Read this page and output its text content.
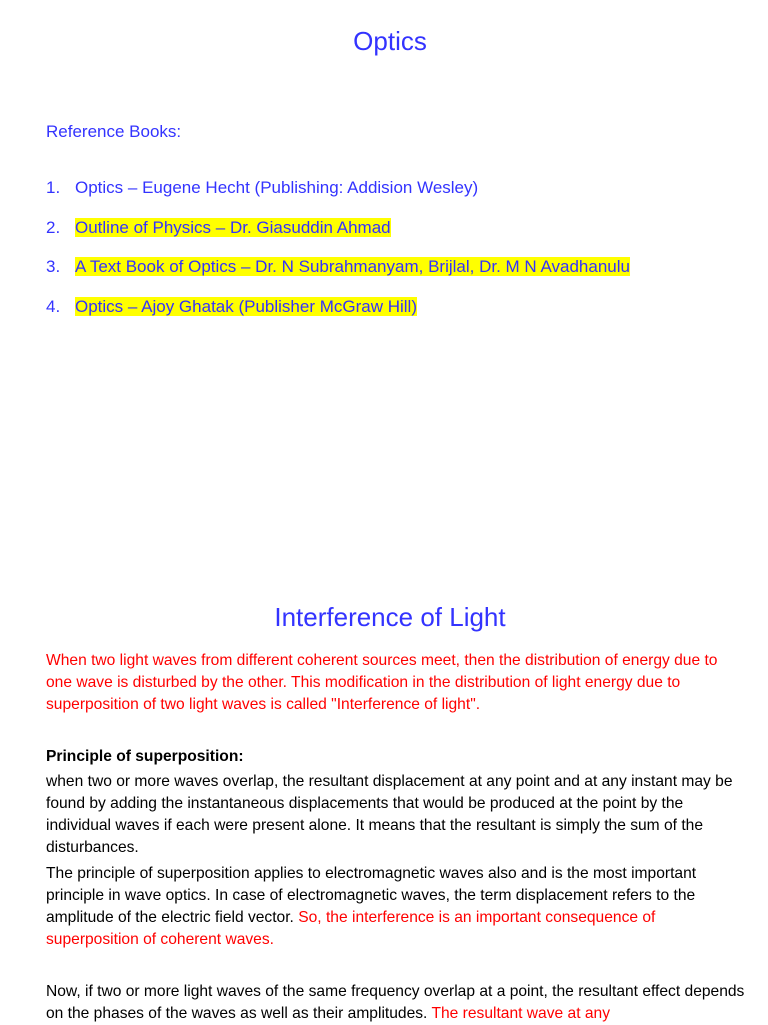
Optics
Reference Books:
1. Optics – Eugene Hecht (Publishing: Addision Wesley)
2. Outline of Physics – Dr. Giasuddin Ahmad
3. A Text Book of Optics – Dr. N Subrahmanyam, Brijlal, Dr. M N Avadhanulu
4. Optics – Ajoy Ghatak (Publisher McGraw Hill)
Interference of Light
When two light waves from different coherent sources meet, then the distribution of energy due to one wave is disturbed by the other. This modification in the distribution of light energy due to superposition of two light waves is called "Interference of light".
Principle of superposition:
when two or more waves overlap, the resultant displacement at any point and at any instant may be found by adding the instantaneous displacements that would be produced at the point by the individual waves if each were present alone. It means that the resultant is simply the sum of the disturbances.
The principle of superposition applies to electromagnetic waves also and is the most important principle in wave optics. In case of electromagnetic waves, the term displacement refers to the amplitude of the electric field vector. So, the interference is an important consequence of superposition of coherent waves.
Now, if two or more light waves of the same frequency overlap at a point, the resultant effect depends on the phases of the waves as well as their amplitudes. The resultant wave at any
